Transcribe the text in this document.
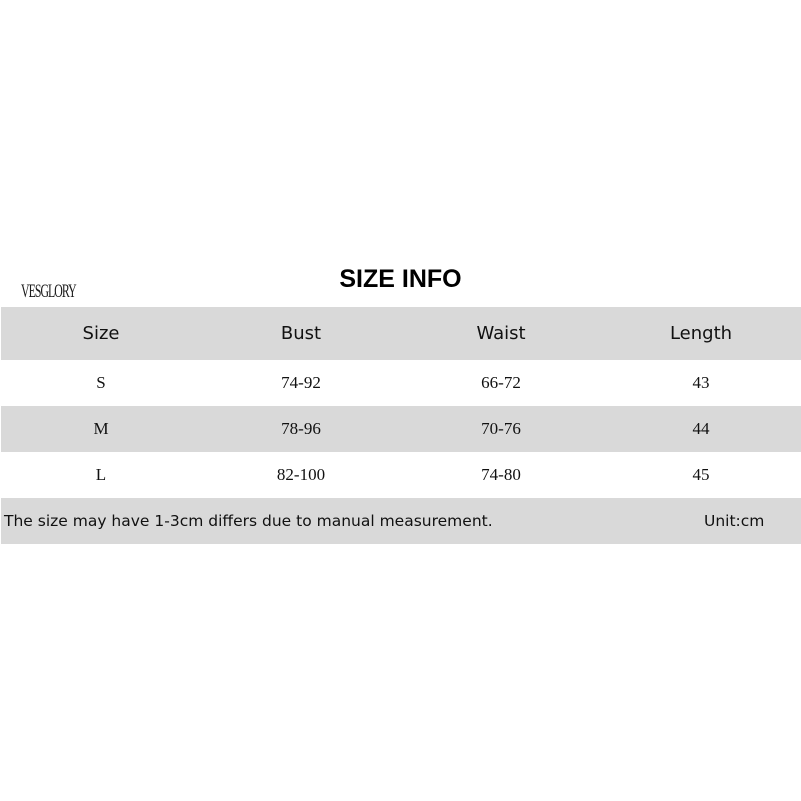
VESGLORY	SIZE INFO
Size	Bust	Waist	Length
S	74-92	66-72	43
M	78-96	70-76	44
L	82-100	74-80	45
The size may have 1-3cm differs due to manual measurement.	Unit:cm
